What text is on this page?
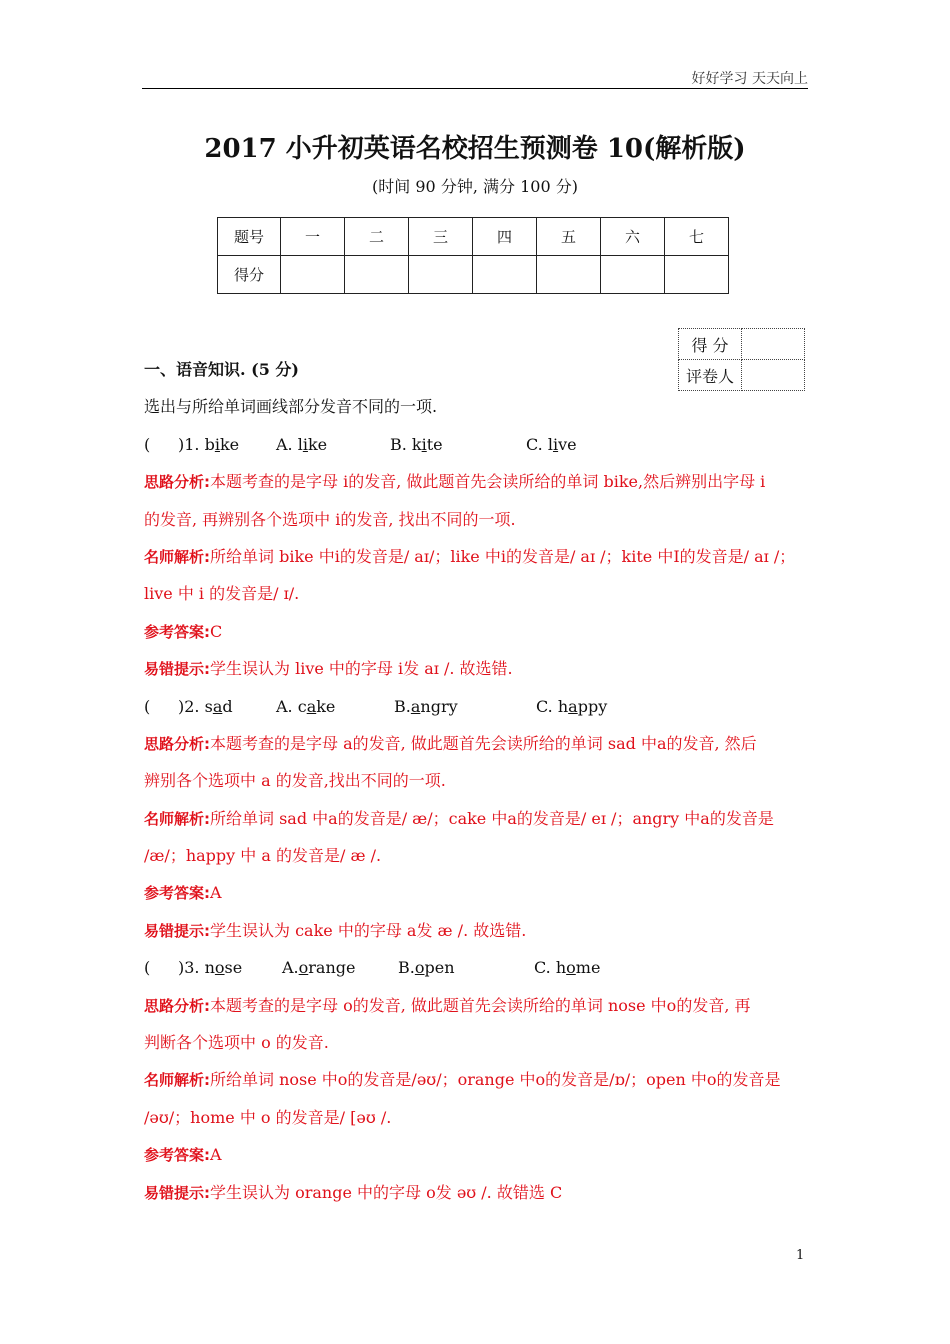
好好学习 天天向上
2017 小升初英语名校招生预测卷 10(解析版)
(时间 90 分钟, 满分 100 分)
题号	一	二	三	四	五	六	七
得分							
得 分	
评卷人	
一、语音知识. (5 分)
选出与所给单词画线部分发音不同的一项.
( )1. bike A. like	B. kite	C. live
思路分析:本题考查的是字母 i的发音, 做此题首先会读所给的单词 bike,然后辨别出字母 i
的发音, 再辨别各个选项中 i的发音, 找出不同的一项.
名师解析:所给单词 bike 中i的发音是/ aɪ/；like 中i的发音是/ aɪ /；kite 中I的发音是/ aɪ /；
live 中 i 的发音是/ ɪ/.
参考答案:C
易错提示:学生误认为 live 中的字母 i发 aɪ /. 故选错.
( )2. sad	A. cake	B.angry	C. happy
思路分析:本题考查的是字母 a的发音, 做此题首先会读所给的单词 sad 中a的发音, 然后
辨别各个选项中 a 的发音,找出不同的一项.
名师解析:所给单词 sad 中a的发音是/ æ/；cake 中a的发音是/ eɪ /；angry 中a的发音是
/æ/；happy 中 a 的发音是/ æ /.
参考答案:A
易错提示:学生误认为 cake 中的字母 a发 æ /. 故选错.
( )3. nose A.orange	B.open	C. home
思路分析:本题考查的是字母 o的发音, 做此题首先会读所给的单词 nose 中o的发音, 再
判断各个选项中 o 的发音.
名师解析:所给单词 nose 中o的发音是/əʊ/；orange 中o的发音是/ɒ/；open 中o的发音是
/əʊ/；home 中 o 的发音是/ [əʊ /.
参考答案:A
易错提示:学生误认为 orange 中的字母 o发 əʊ /. 故错选 C
1
